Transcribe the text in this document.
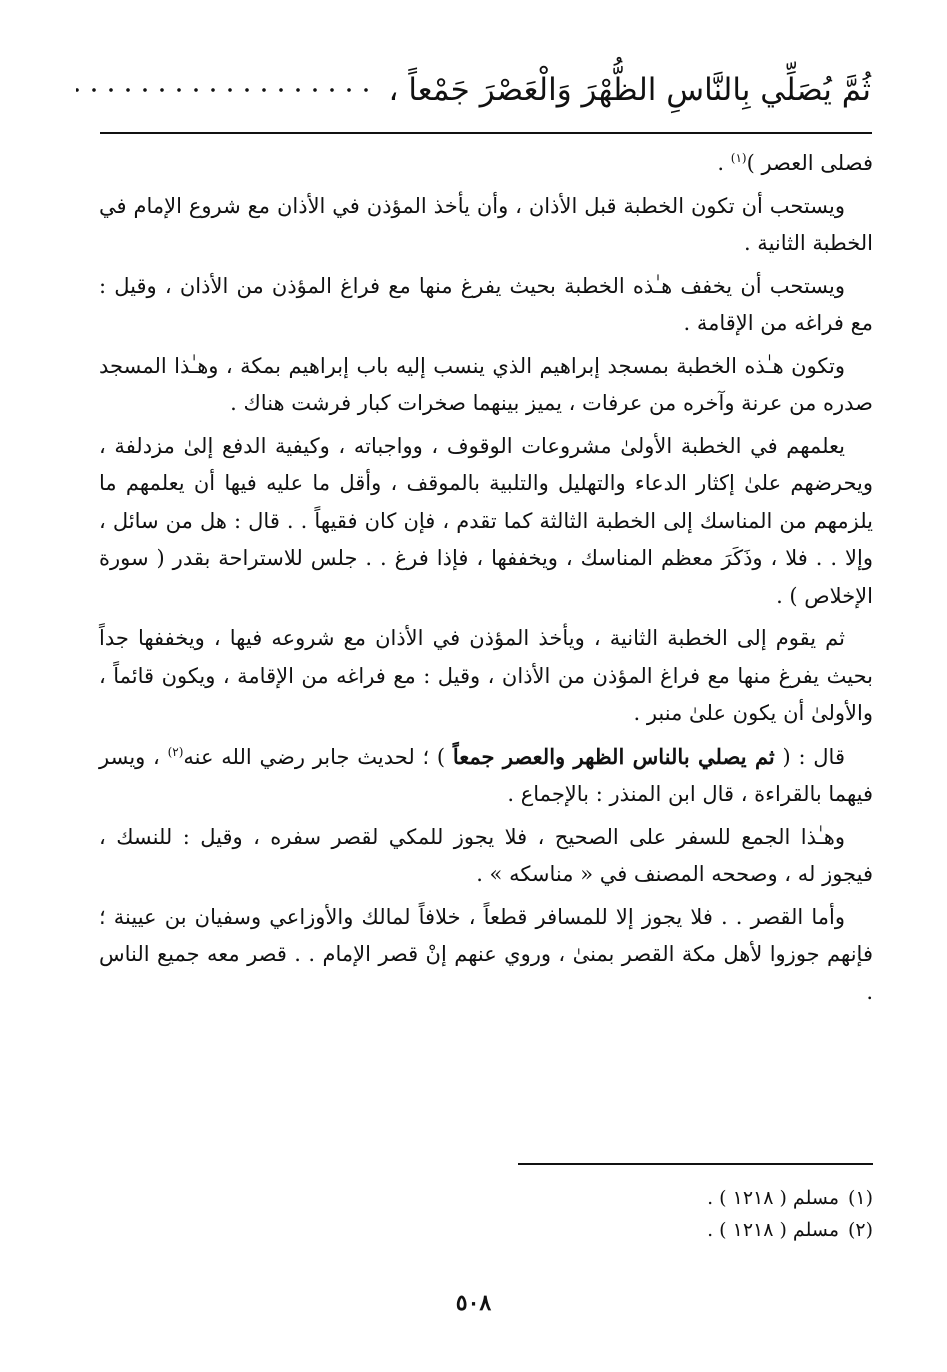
ثُمَّ يُصَلِّي بِالنَّاسِ الظُّهْرَ وَالْعَصْرَ جَمْعاً ،

فصلى العصر )$^{(١)}$ .

ويستحب أن تكون الخطبة قبل الأذان ، وأن يأخذ المؤذن في الأذان مع شروع الإمام في الخطبة الثانية .

ويستحب أن يخفف هـٰذه الخطبة بحيث يفرغ منها مع فراغ المؤذن من الأذان ، وقيل : مع فراغه من الإقامة .

وتكون هـٰذه الخطبة بمسجد إبراهيم الذي ينسب إليه باب إبراهيم بمكة ، وهـٰذا المسجد صدره من عرنة وآخره من عرفات ، يميز بينهما صخرات كبار فرشت هناك .

يعلمهم في الخطبة الأولىٰ مشروعات الوقوف ، وواجباته ، وكيفية الدفع إلىٰ مزدلفة ، ويحرضهم علىٰ إكثار الدعاء والتهليل والتلبية بالموقف ، وأقل ما عليه فيها أن يعلمهم ما يلزمهم من المناسك إلى الخطبة الثالثة كما تقدم ، فإن كان فقيهاً . . قال : هل من سائل ، وإلا . . فلا ، وذَكَرَ معظم المناسك ، ويخففها ، فإذا فرغ . . جلس للاستراحة بقدر ( سورة الإخلاص ) .

ثم يقوم إلى الخطبة الثانية ، ويأخذ المؤذن في الأذان مع شروعه فيها ، ويخففها جداً بحيث يفرغ منها مع فراغ المؤذن من الأذان ، وقيل : مع فراغه من الإقامة ، ويكون قائماً ، والأولىٰ أن يكون علىٰ منبر .

قال : ( ثم يصلي بالناس الظهر والعصر جمعاً ) ؛ لحديث جابر رضي الله عنه$^{(٢)}$ ، ويسر فيهما بالقراءة ، قال ابن المنذر : بالإجماع .

وهـٰذا الجمع للسفر على الصحيح ، فلا يجوز للمكي لقصر سفره ، وقيل : للنسك ، فيجوز له ، وصححه المصنف في « مناسكه » .

وأما القصر . . فلا يجوز إلا للمسافر قطعاً ، خلافاً لمالك والأوزاعي وسفيان بن عيينة ؛ فإنهم جوزوا لأهل مكة القصر بمنىٰ ، وروي عنهم إنْ قصر الإمام . . قصر معه جميع الناس .

(١)مسلم ( ١٢١٨ ) .
(٢)مسلم ( ١٢١٨ ) .
٥٠٨
